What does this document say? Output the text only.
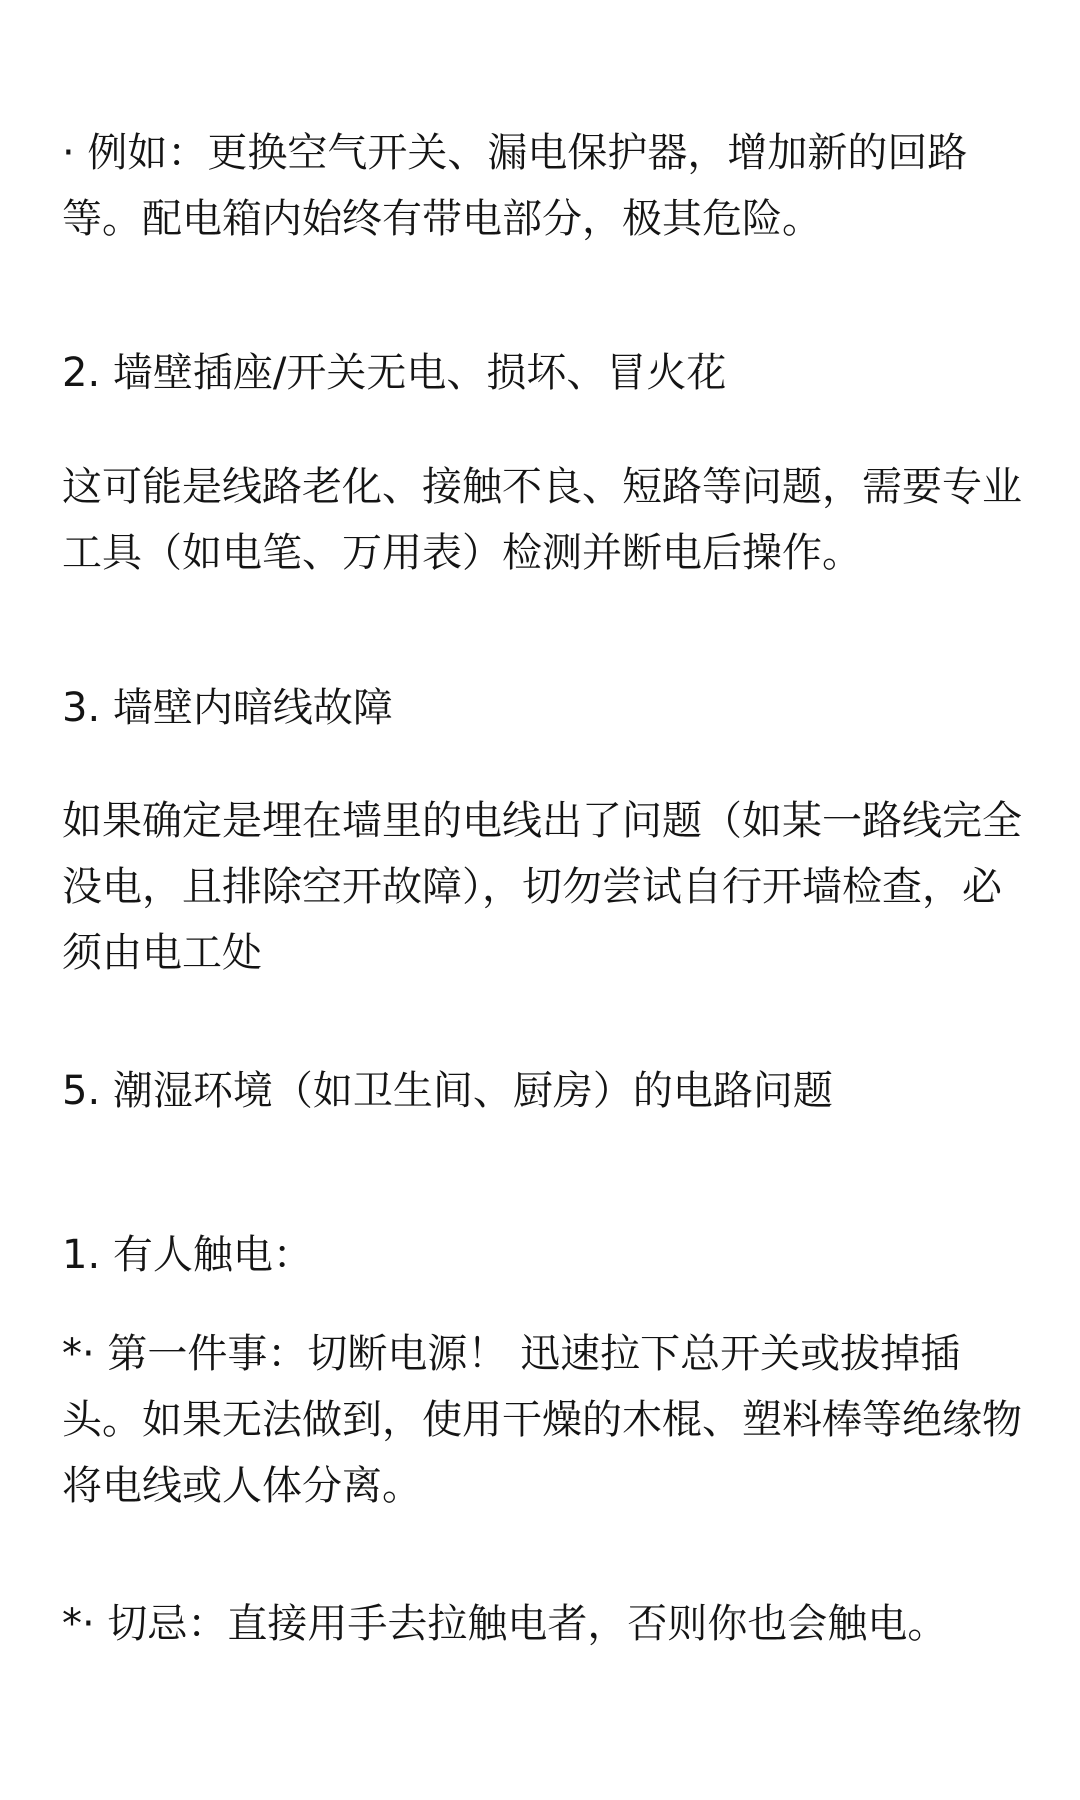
· 例如：更换空气开关、漏电保护器，增加新的回路等。配电箱内始终有带电部分，极其危险。

2. 墙壁插座/开关无电、损坏、冒火花

这可能是线路老化、接触不良、短路等问题，需要专业工具（如电笔、万用表）检测并断电后操作。

3. 墙壁内暗线故障

如果确定是埋在墙里的电线出了问题（如某一路线完全没电，且排除空开故障），切勿尝试自行开墙检查，必须由电工处

5. 潮湿环境（如卫生间、厨房）的电路问题

1. 有人触电：

*· 第一件事：切断电源！ 迅速拉下总开关或拔掉插头。如果无法做到，使用干燥的木棍、塑料棒等绝缘物将电线或人体分离。

*· 切忌：直接用手去拉触电者，否则你也会触电。
